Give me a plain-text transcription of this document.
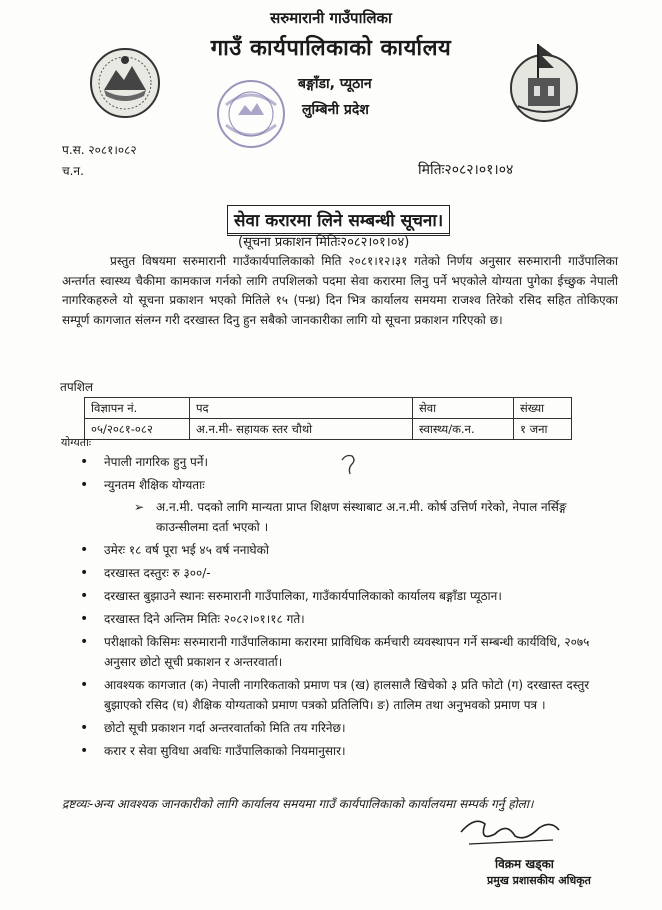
सरुमारानी गाउँपालिका
गाउँ कार्यपालिकाको कार्यालय
बङ्गाँडा, प्यूठान
लुम्बिनी प्रदेश
प.स. २०८१।०८२
च.न.	मितिः२०८२।०१।०४
सेवा करारमा लिने सम्बन्धी सूचना।
(सूचना प्रकाशन मितिः२०८२।०१।०४)
प्रस्तुत विषयमा सरुमारानी गाउँकार्यपालिकाको मिति २०८१।१२।३१ गतेको निर्णय अनुसार सरुमारानी गाउँपालिका अन्तर्गत स्वास्थ्य चैकीमा कामकाज गर्नको लागि तपशिलको पदमा सेवा करारमा लिनु पर्ने भएकोले योग्यता पुगेका ईच्छुक नेपाली नागरिकहरुले यो सूचना प्रकाशन भएको मितिले १५ (पन्ध्र) दिन भित्र कार्यालय समयमा राजश्व तिरेको रसिद सहित तोकिएका सम्पूर्ण कागजात संलग्न गरी दरखास्त दिनु हुन सबैको जानकारीका लागि यो सूचना प्रकाशन गरिएको छ।
तपशिल
विज्ञापन नं.	पद	सेवा	संख्या
०५/२०८१-०८२	अ.न.मी- सहायक स्तर चौथो	स्वास्थ्य/क.न.	१ जना
योग्यताः
• नेपाली नागरिक हुनु पर्ने।
• न्युनतम शैक्षिक योग्यताः
➢ अ.न.मी. पदको लागि मान्यता प्राप्त शिक्षण संस्थाबाट अ.न.मी. कोर्ष उत्तिर्ण गरेको, नेपाल नर्सिङ्ग काउन्सीलमा दर्ता भएको ।
• उमेरः १८ वर्ष पूरा भई ४५ वर्ष ननाघेको
• दरखास्त दस्तुरः रु ३००/-
• दरखास्त बुझाउने स्थानः सरुमारानी गाउँपालिका, गाउँकार्यपालिकाको कार्यालय बङ्गाँडा प्यूठान।
• दरखास्त दिने अन्तिम मितिः २०८२।०१।१८ गते।
• परीक्षाको किसिमः सरुमारानी गाउँपालिकामा करारमा प्राविधिक कर्मचारी व्यवस्थापन गर्ने सम्बन्धी कार्यविधि, २०७५ अनुसार छोटो सूची प्रकाशन र अन्तरवार्ता।
• आवश्यक कागजात (क) नेपाली नागरिकताको प्रमाण पत्र (ख) हालसालै खिचेको ३ प्रति फोटो (ग) दरखास्त दस्तुर बुझाएको रसिद (घ) शैक्षिक योग्यताको प्रमाण पत्रको प्रतिलिपि। ङ) तालिम तथा अनुभवको प्रमाण पत्र ।
• छोटो सूची प्रकाशन गर्दा अन्तरवार्ताको मिति तय गरिनेछ।
• करार र सेवा सुविधा अवधिः गाउँपालिकाको नियमानुसार।
द्रष्टव्यः-अन्य आवश्यक जानकारीको लागि कार्यालय समयमा गाउँ कार्यपालिकाको कार्यालयमा सम्पर्क गर्नु होला।
विक्रम खड्का
प्रमुख प्रशासकीय अधिकृत
